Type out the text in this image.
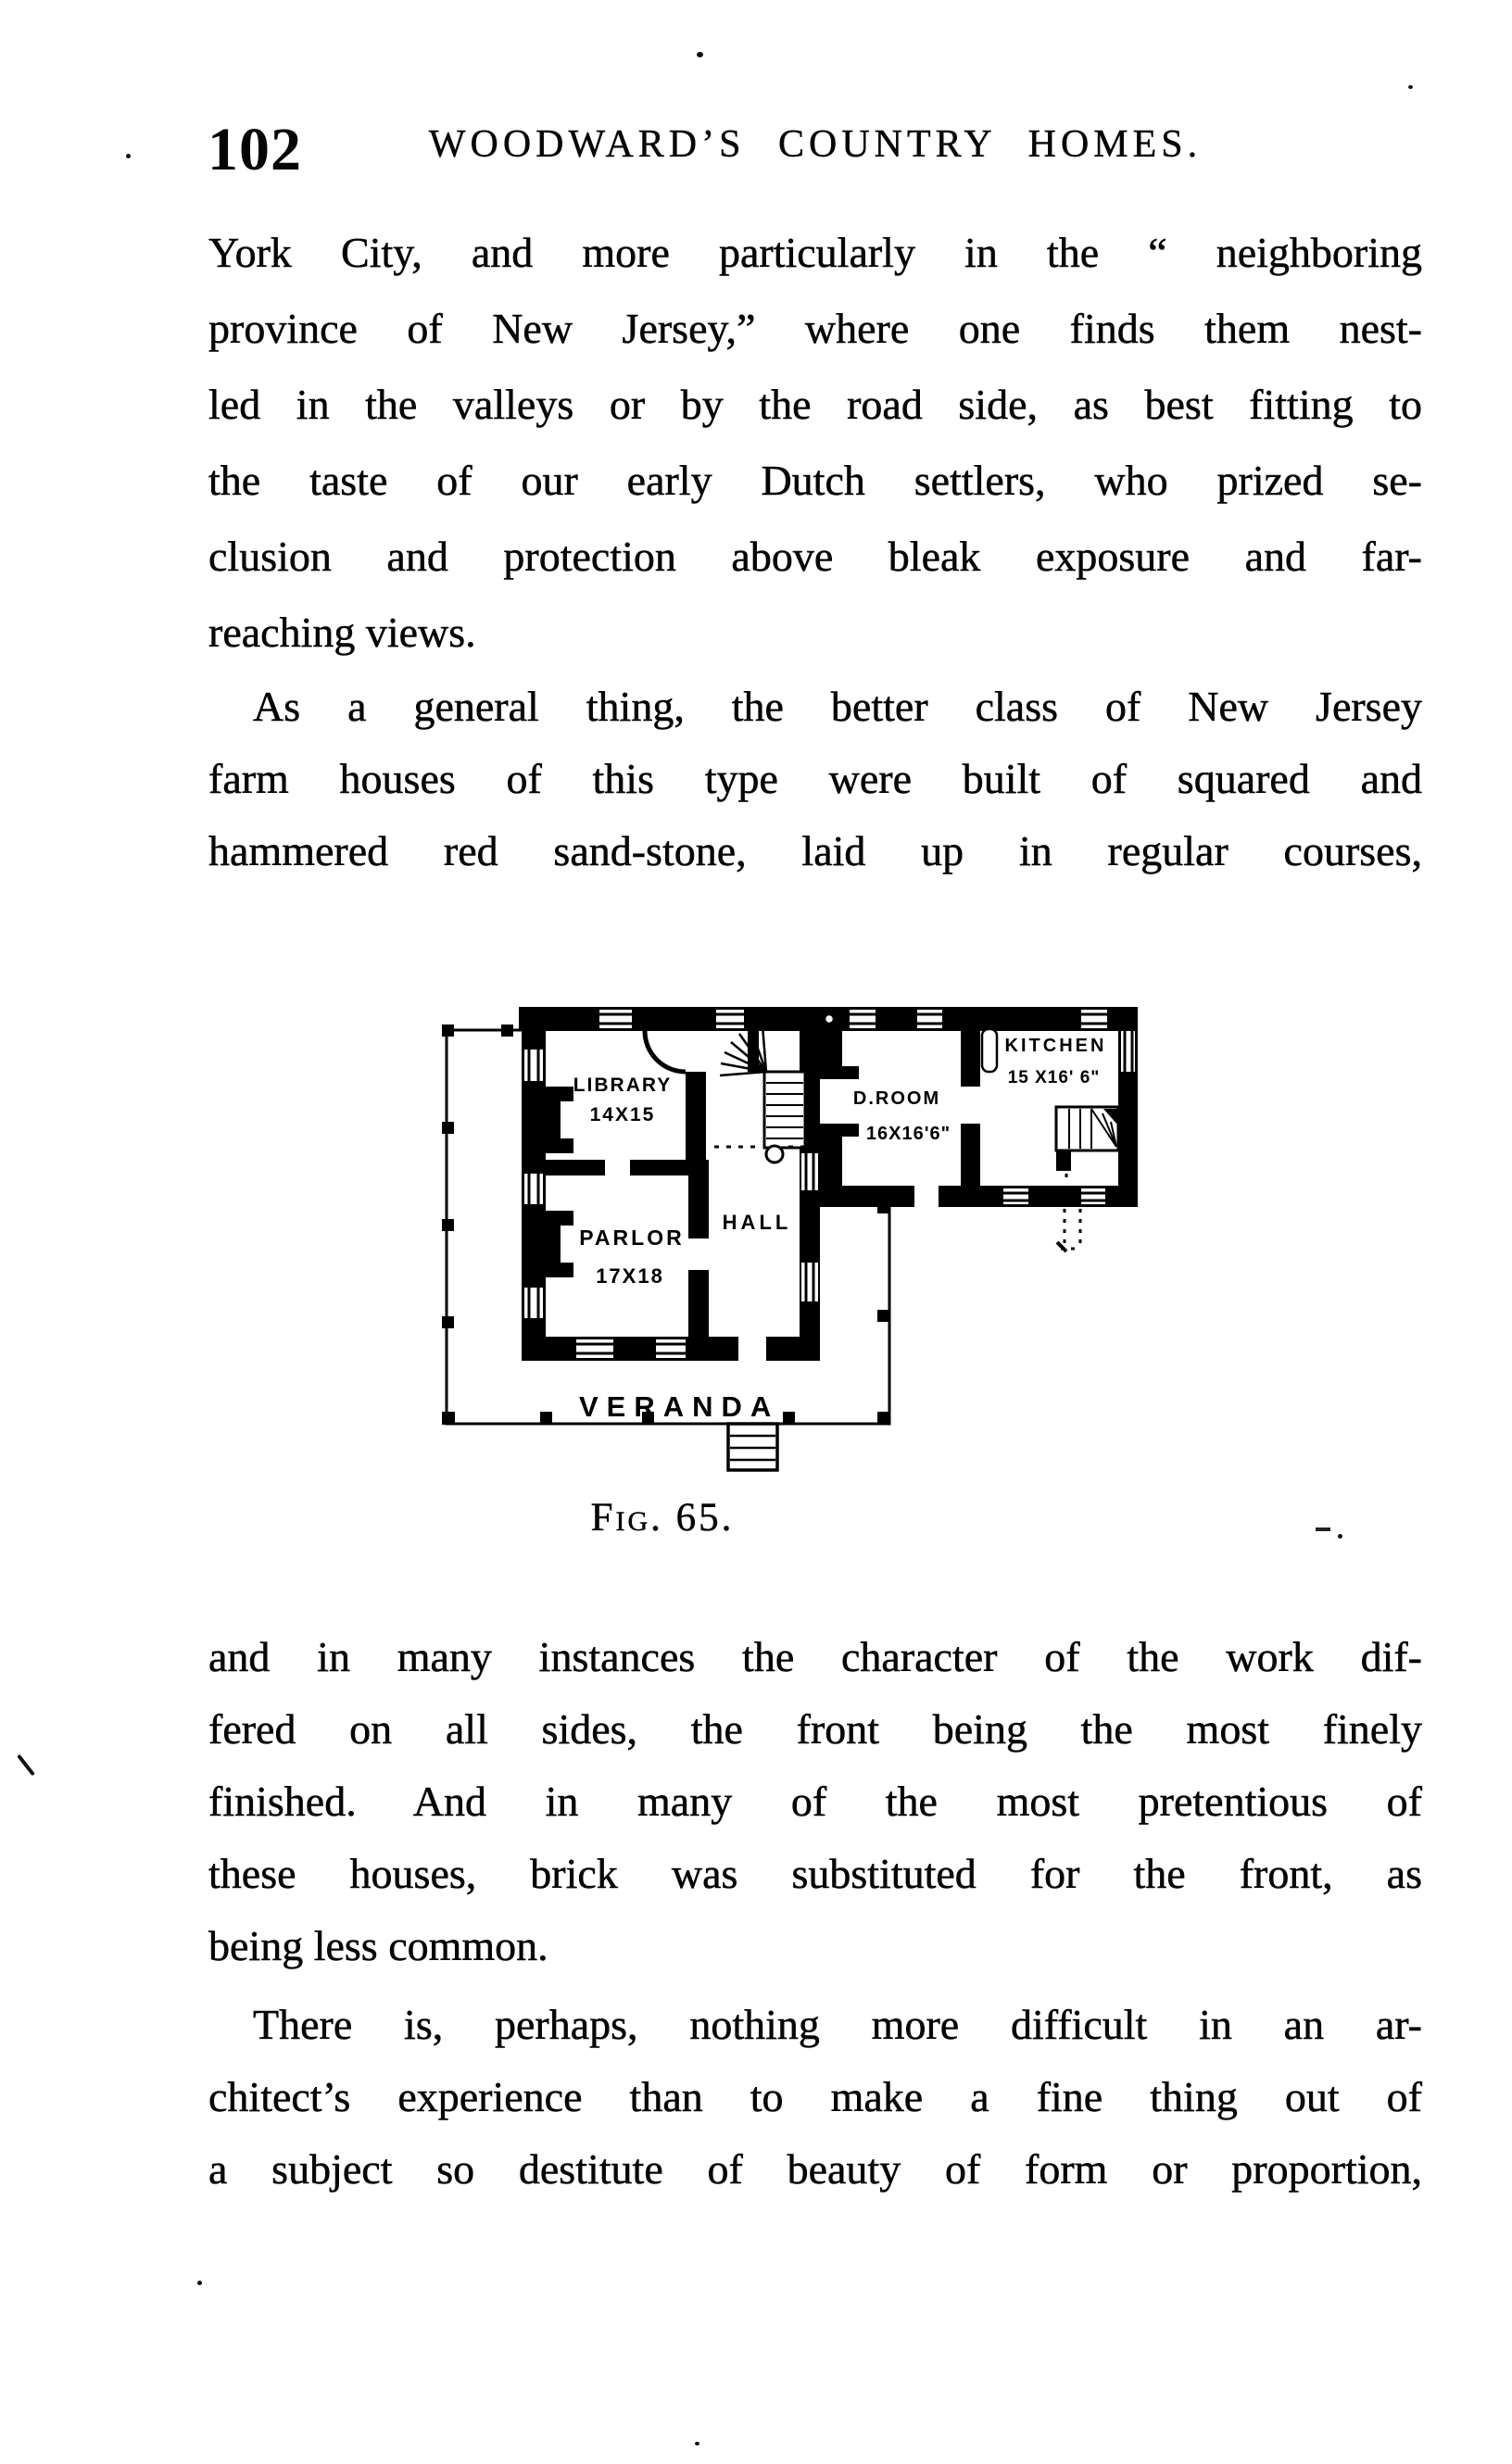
102	WOODWARD’S COUNTRY HOMES.
York City, and more particularly in the “ neighboring
province of New Jersey,” where one finds them nest-
led in the valleys or by the road side, as best fitting to
the taste of our early Dutch settlers, who prized se-
clusion and protection above bleak exposure and far-
reaching views.
As a general thing, the better class of New Jersey
farm houses of this type were built of squared and
hammered red sand-stone, laid up in regular courses,
LIBRARY
14X15
PARLOR
17X18
HALL
D.ROOM
16X16'6"
KITCHEN
15 X16' 6"
VERANDA
Fig. 65.
and in many instances the character of the work dif-
fered on all sides, the front being the most finely
finished. And in many of the most pretentious of
these houses, brick was substituted for the front, as
being less common.
There is, perhaps, nothing more difficult in an ar-
chitect’s experience than to make a fine thing out of
a subject so destitute of beauty of form or proportion,
